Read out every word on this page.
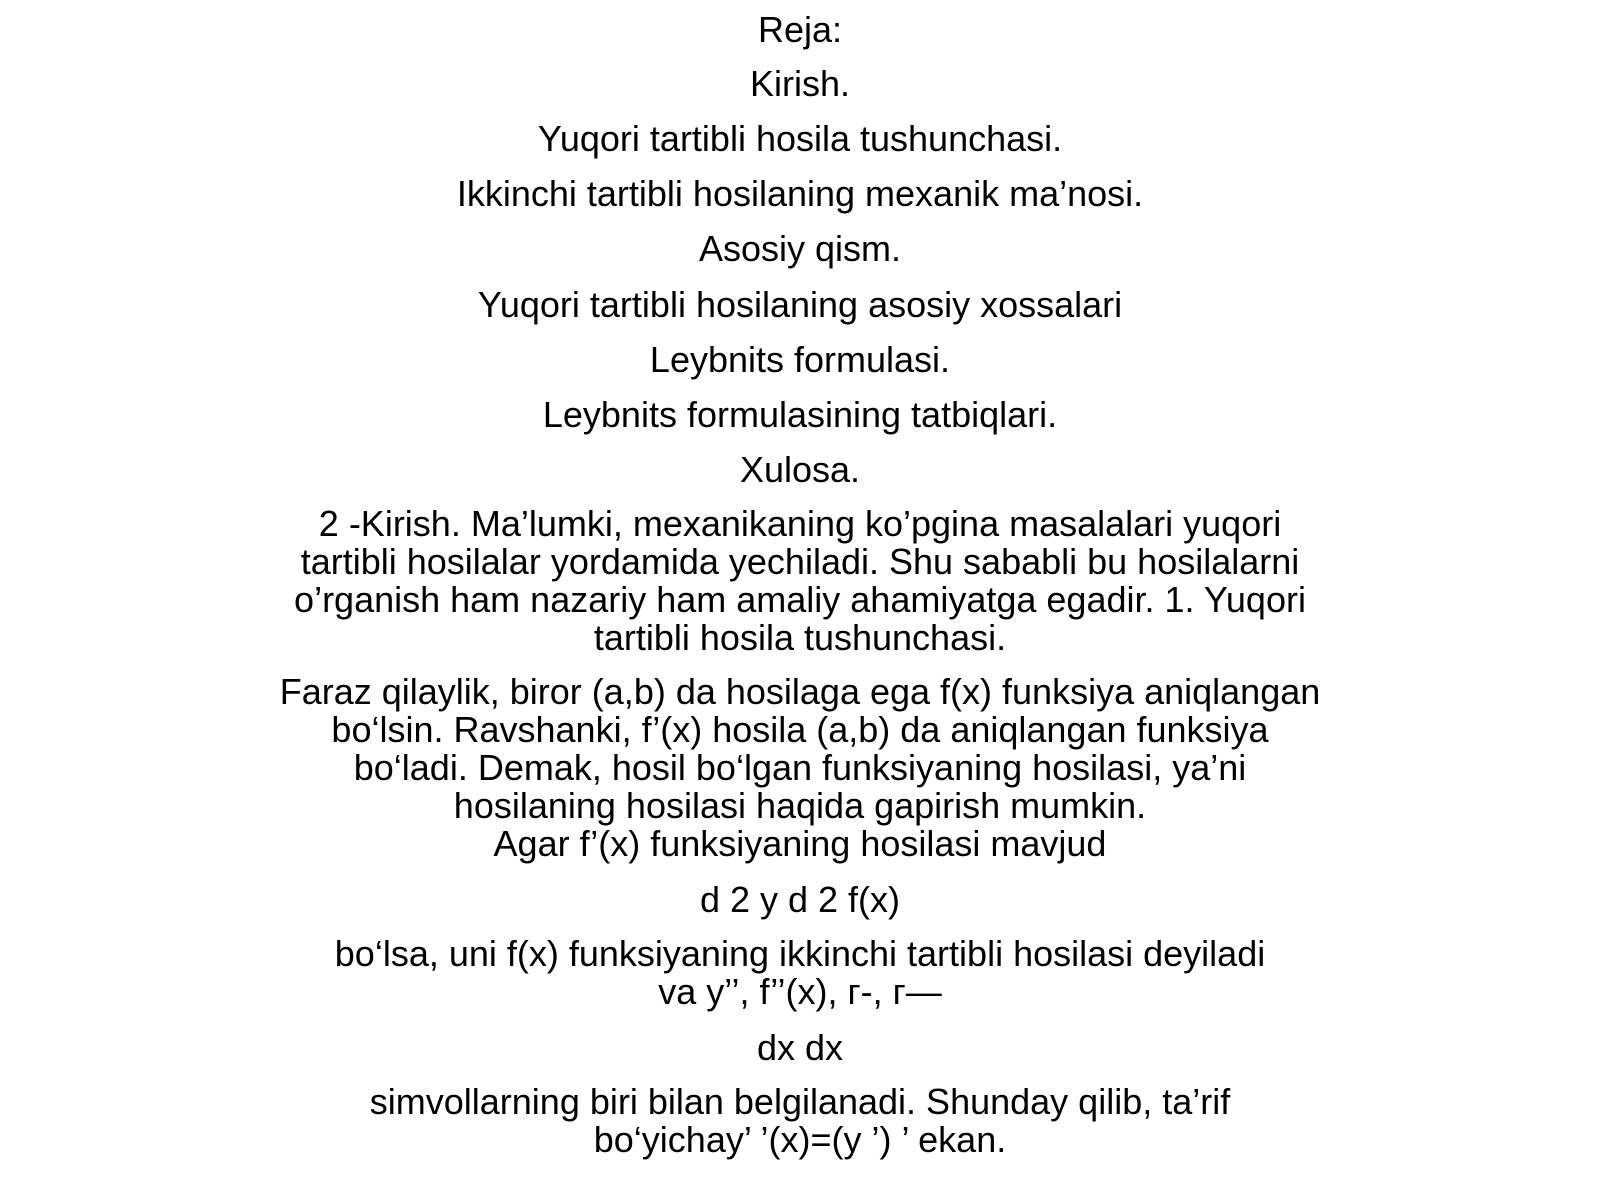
Reja:
Kirish.
Yuqori tartibli hosila tushunchasi.
Ikkinchi tartibli hosilaning mexanik ma’nosi.
Asosiy qism.
Yuqori tartibli hosilaning asosiy xossalari
Leybnits formulasi.
Leybnits formulasining tatbiqlari.
Xulosa.
2 -Kirish. Ma’lumki, mexanikaning ko’pgina masalalari yuqori
tartibli hosilalar yordamida yechiladi. Shu sababli bu hosilalarni
o’rganish ham nazariy ham amaliy ahamiyatga egadir. 1. Yuqori
tartibli hosila tushunchasi.
Faraz qilaylik, biror (a,b) da hosilaga ega f(x) funksiya aniqlangan
bo‘lsin. Ravshanki, f’(x) hosila (a,b) da aniqlangan funksiya
bo‘ladi. Demak, hosil bo‘lgan funksiyaning hosilasi, ya’ni
hosilaning hosilasi haqida gapirish mumkin.
Agar f’(x) funksiyaning hosilasi mavjud
d 2 y d 2 f(x)
bo‘lsa, uni f(x) funksiyaning ikkinchi tartibli hosilasi deyiladi
va y’’, f’’(x), г-, г—
dx dx
simvollarning biri bilan belgilanadi. Shunday qilib, ta’rif
bo‘yichay’ ’(x)=(y ’) ’ ekan.
